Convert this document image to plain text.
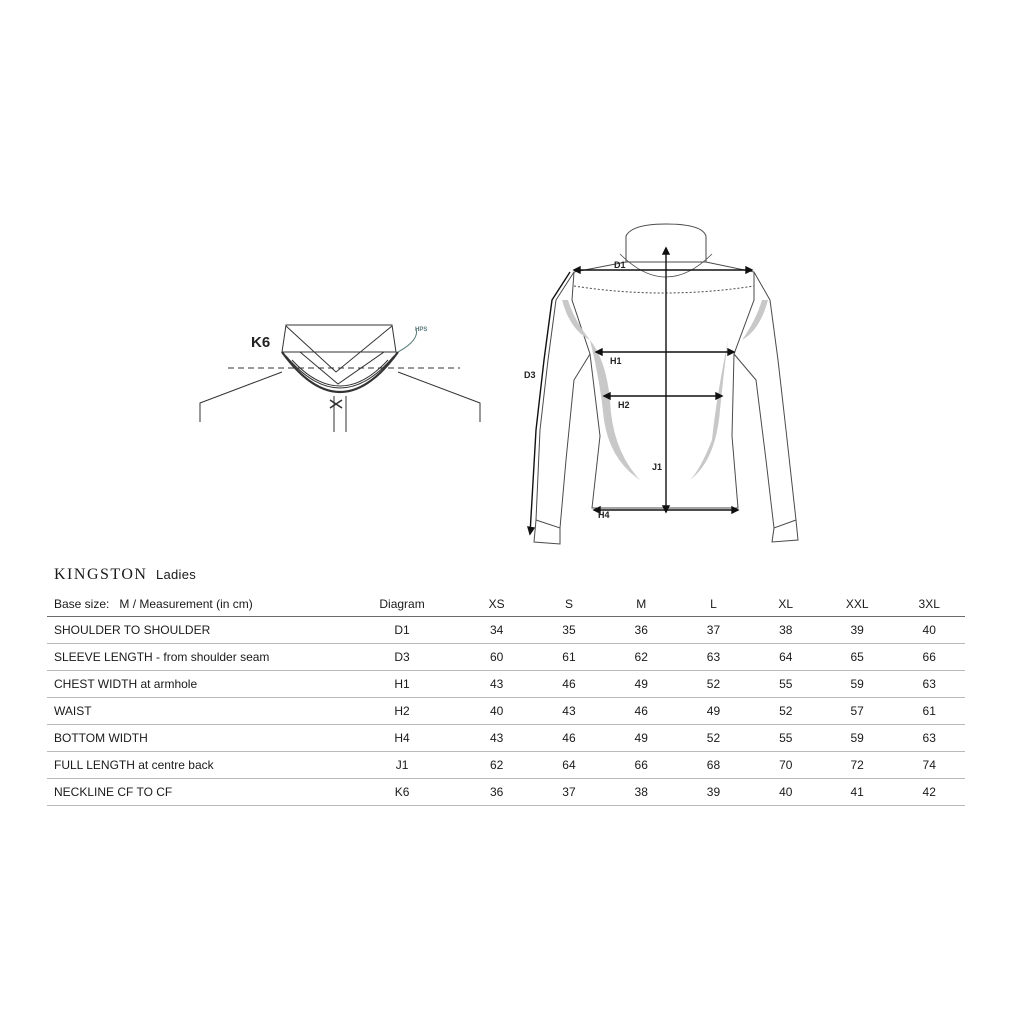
K6
HPS
D1
D3
H1
H2
J1
H4
KINGSTON Ladies
Base size: M / Measurement (in cm)	Diagram	XS	S	M	L	XL	XXL	3XL
SHOULDER TO SHOULDER	D1	34	35	36	37	38	39	40
SLEEVE LENGTH - from shoulder seam	D3	60	61	62	63	64	65	66
CHEST WIDTH at armhole	H1	43	46	49	52	55	59	63
WAIST	H2	40	43	46	49	52	57	61
BOTTOM WIDTH	H4	43	46	49	52	55	59	63
FULL LENGTH at centre back	J1	62	64	66	68	70	72	74
NECKLINE CF TO CF	K6	36	37	38	39	40	41	42
